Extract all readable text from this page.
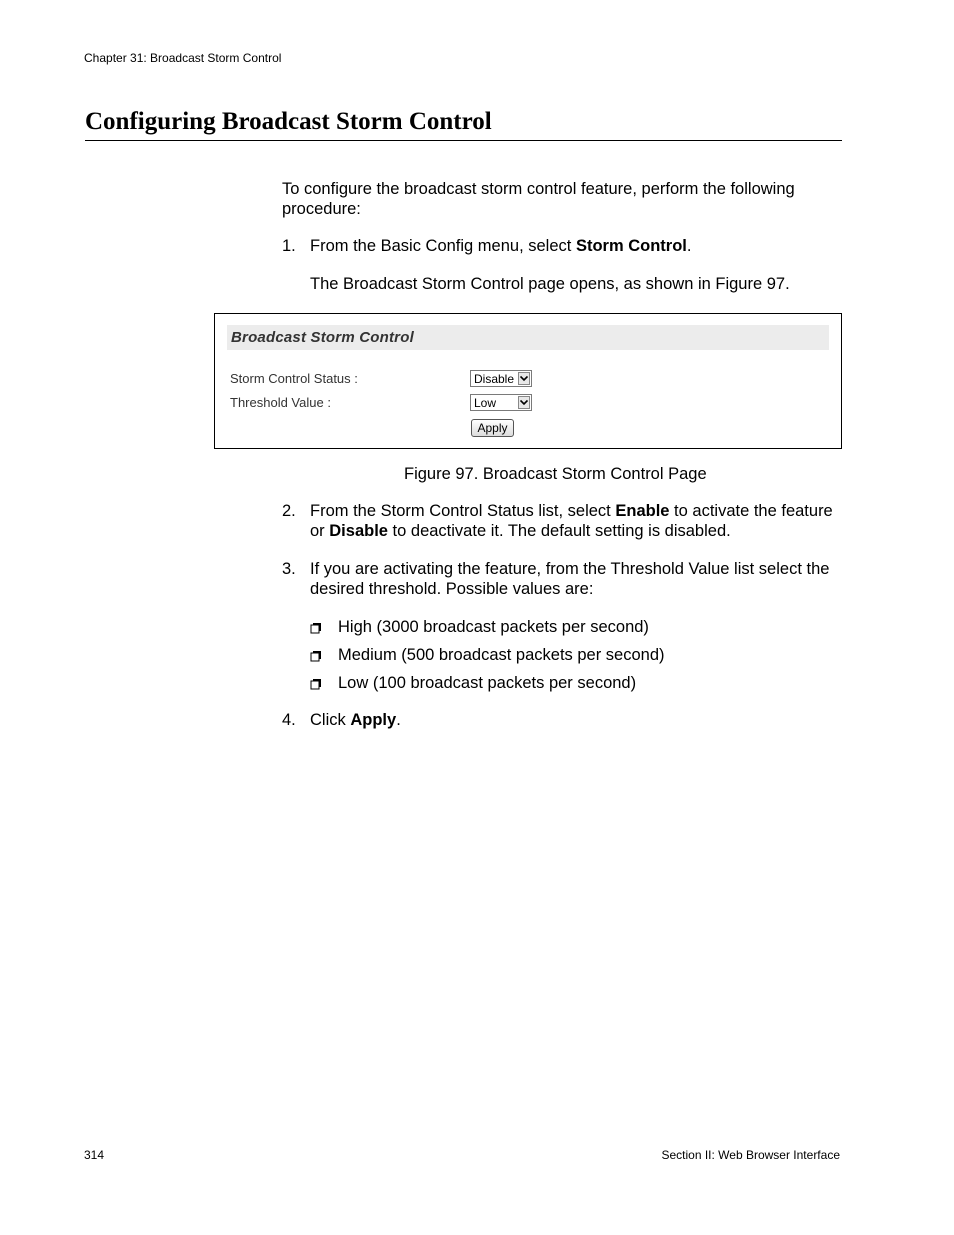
Chapter 31: Broadcast Storm Control
Configuring Broadcast Storm Control
To configure the broadcast storm control feature, perform the following procedure:
1. From the Basic Config menu, select Storm Control.
The Broadcast Storm Control page opens, as shown in Figure 97.
Broadcast Storm Control
Storm Control Status :	Disable
Threshold Value :	Low
Apply
Figure 97. Broadcast Storm Control Page
2. From the Storm Control Status list, select Enable to activate the feature or Disable to deactivate it. The default setting is disabled.
3. If you are activating the feature, from the Threshold Value list select the desired threshold. Possible values are:
High (3000 broadcast packets per second)
Medium (500 broadcast packets per second)
Low (100 broadcast packets per second)
4. Click Apply.
314	Section II: Web Browser Interface
